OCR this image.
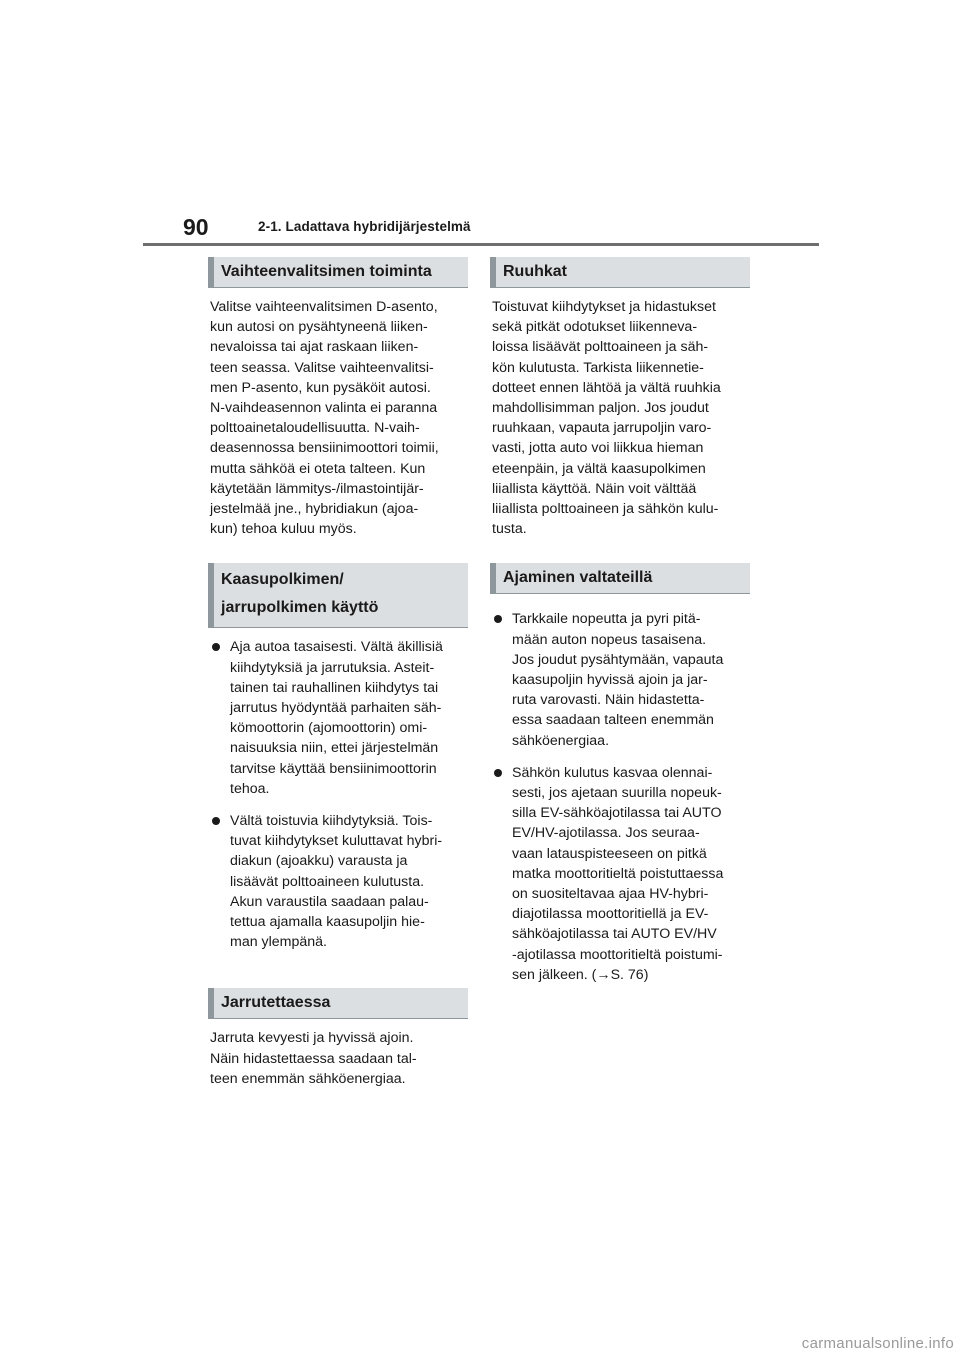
90	2-1. Ladattava hybridijärjestelmä
Vaihteenvalitsimen toiminta
Valitse vaihteenvalitsimen D-asento,
kun autosi on pysähtyneenä liiken-
nevaloissa tai ajat raskaan liiken-
teen seassa. Valitse vaihteenvalitsi-
men P-asento, kun pysäköit autosi.
N-vaihdeasennon valinta ei paranna
polttoainetaloudellisuutta. N-vaih-
deasennossa bensiinimoottori toimii,
mutta sähköä ei oteta talteen. Kun
käytetään lämmitys-/ilmastointijär-
jestelmää jne., hybridiakun (ajoa-
kun) tehoa kuluu myös.
Kaasupolkimen/
jarrupolkimen käyttö
Aja autoa tasaisesti. Vältä äkillisiä
kiihdytyksiä ja jarrutuksia. Asteit-
tainen tai rauhallinen kiihdytys tai
jarrutus hyödyntää parhaiten säh-
kömoottorin (ajomoottorin) omi-
naisuuksia niin, ettei järjestelmän
tarvitse käyttää bensiinimoottorin
tehoa.
Vältä toistuvia kiihdytyksiä. Tois-
tuvat kiihdytykset kuluttavat hybri-
diakun (ajoakku) varausta ja
lisäävät polttoaineen kulutusta.
Akun varaustila saadaan palau-
tettua ajamalla kaasupoljin hie-
man ylempänä.
Jarrutettaessa
Jarruta kevyesti ja hyvissä ajoin.
Näin hidastettaessa saadaan tal-
teen enemmän sähköenergiaa.
Ruuhkat
Toistuvat kiihdytykset ja hidastukset
sekä pitkät odotukset liikenneva-
loissa lisäävät polttoaineen ja säh-
kön kulutusta. Tarkista liikennetie-
dotteet ennen lähtöä ja vältä ruuhkia
mahdollisimman paljon. Jos joudut
ruuhkaan, vapauta jarrupoljin varo-
vasti, jotta auto voi liikkua hieman
eteenpäin, ja vältä kaasupolkimen
liiallista käyttöä. Näin voit välttää
liiallista polttoaineen ja sähkön kulu-
tusta.
Ajaminen valtateillä
Tarkkaile nopeutta ja pyri pitä-
mään auton nopeus tasaisena.
Jos joudut pysähtymään, vapauta
kaasupoljin hyvissä ajoin ja jar-
ruta varovasti. Näin hidastetta-
essa saadaan talteen enemmän
sähköenergiaa.
Sähkön kulutus kasvaa olennai-
sesti, jos ajetaan suurilla nopeuk-
silla EV-sähköajotilassa tai AUTO
EV/HV-ajotilassa. Jos seuraa-
vaan latauspisteeseen on pitkä
matka moottoritieltä poistuttaessa
on suositeltavaa ajaa HV-hybri-
diajotilassa moottoritiellä ja EV-
sähköajotilassa tai AUTO EV/HV
-ajotilassa moottoritieltä poistumi-
sen jälkeen. (→S. 76)
carmanualsonline.info
